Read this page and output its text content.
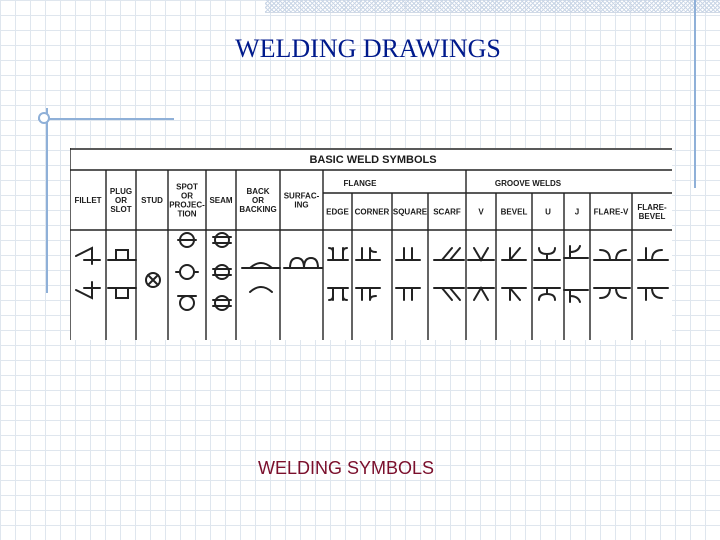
WELDING DRAWINGS
BASIC WELD SYMBOLS
FLANGE	GROOVE WELDS
FILLET
PLUG OR SLOT
STUD
SPOT OR PROJEC-TION
SEAM
BACK OR BACKING
SURFAC-ING
EDGE CORNER SQUARE SCARF V BEVEL U	J FLARE-V FLARE-BEVEL
WELDING SYMBOLS
